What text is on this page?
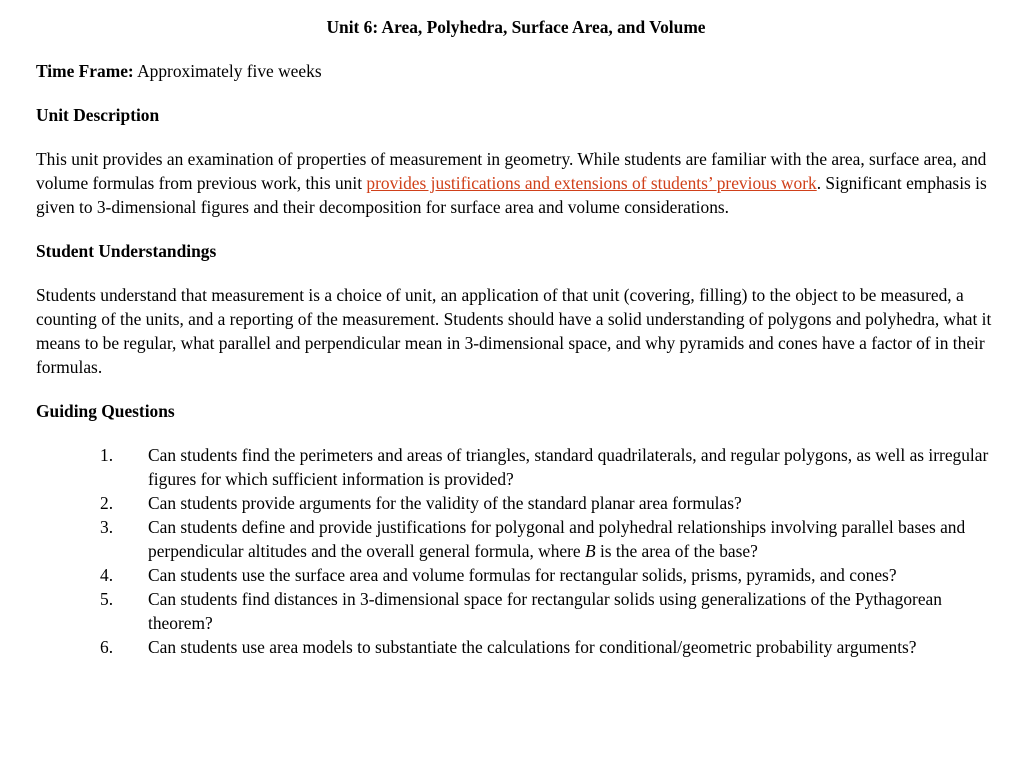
Unit 6: Area, Polyhedra, Surface Area, and Volume
Time Frame: Approximately five weeks
Unit Description

This unit provides an examination of properties of measurement in geometry. While students are familiar with the area, surface area, and volume formulas from previous work, this unit provides justifications and extensions of students’ previous work. Significant emphasis is given to 3-dimensional figures and their decomposition for surface area and volume considerations.

Student Understandings

Students understand that measurement is a choice of unit, an application of that unit (covering, filling) to the object to be measured, a counting of the units, and a reporting of the measurement. Students should have a solid understanding of polygons and polyhedra, what it means to be regular, what parallel and perpendicular mean in 3-dimensional space, and why pyramids and cones have a factor of in their formulas.

Guiding Questions
1. Can students find the perimeters and areas of triangles, standard quadrilaterals, and regular polygons, as well as irregular figures for which sufficient information is provided?
2. Can students provide arguments for the validity of the standard planar area formulas?
3. Can students define and provide justifications for polygonal and polyhedral relationships involving parallel bases and perpendicular altitudes and the overall general formula, where B is the area of the base?
4. Can students use the surface area and volume formulas for rectangular solids, prisms, pyramids, and cones?
5. Can students find distances in 3-dimensional space for rectangular solids using generalizations of the Pythagorean theorem?
6. Can students use area models to substantiate the calculations for conditional/geometric probability arguments?
